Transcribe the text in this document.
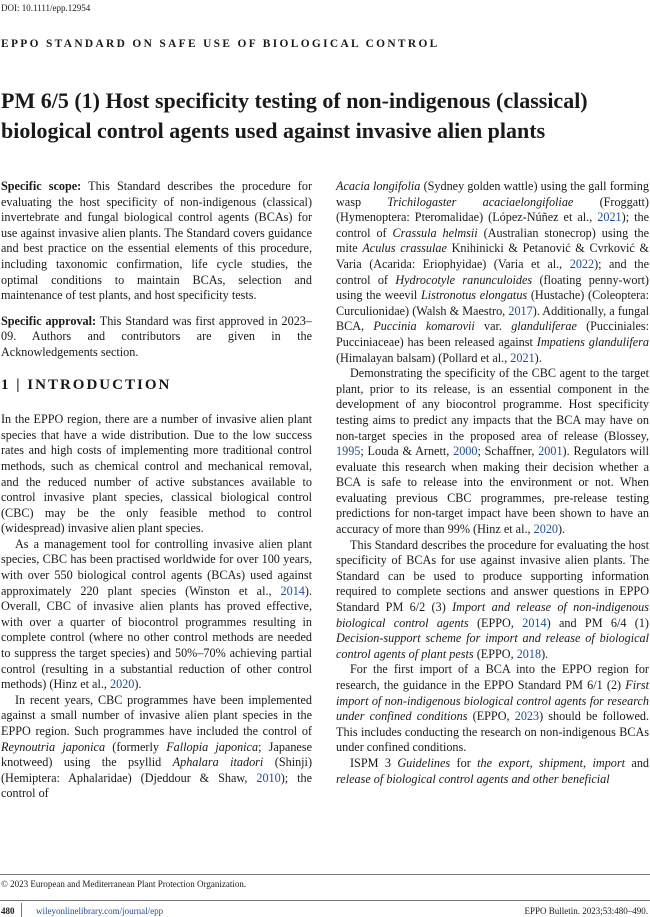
DOI: 10.1111/epp.12954
EPPO STANDARD ON SAFE USE OF BIOLOGICAL CONTROL
PM 6/5 (1) Host specificity testing of non-indigenous (classical) biological control agents used against invasive alien plants

Specific scope: This Standard describes the procedure for evaluating the host specificity of non-indigenous (classical) invertebrate and fungal biological control agents (BCAs) for use against invasive alien plants. The Standard covers guidance and best practice on the essential elements of this procedure, including taxonomic confirmation, life cycle studies, the optimal conditions to maintain BCAs, selection and maintenance of test plants, and host specificity tests.

Specific approval: This Standard was first approved in 2023–09. Authors and contributors are given in the Acknowledgements section.

1 | INTRODUCTION

In the EPPO region, there are a number of invasive alien plant species that have a wide distribution. Due to the low success rates and high costs of implementing more traditional control methods, such as chemical control and mechanical removal, and the reduced number of active substances available to control invasive plant species, classical biological control (CBC) may be the only feasible method to control (widespread) invasive alien plant species.

As a management tool for controlling invasive alien plant species, CBC has been practised worldwide for over 100 years, with over 550 biological control agents (BCAs) used against approximately 220 plant species (Winston et al., 2014). Overall, CBC of invasive alien plants has proved effective, with over a quarter of biocontrol programmes resulting in complete control (where no other control methods are needed to suppress the target species) and 50%–70% achieving partial control (resulting in a substantial reduction of other control methods) (Hinz et al., 2020).

In recent years, CBC programmes have been implemented against a small number of invasive alien plant species in the EPPO region. Such programmes have included the control of Reynoutria japonica (formerly Fallopia japonica; Japanese knotweed) using the psyllid Aphalara itadori (Shinji) (Hemiptera: Aphalaridae) (Djeddour & Shaw, 2010); the control of

Acacia longifolia (Sydney golden wattle) using the gall forming wasp Trichilogaster acaciaelongifoliae (Froggatt) (Hymenoptera: Pteromalidae) (López-Núñez et al., 2021); the control of Crassula helmsii (Australian stonecrop) using the mite Aculus crassulae Knihinicki & Petanović & Cvrković & Varia (Acarida: Eriophyidae) (Varia et al., 2022); and the control of Hydrocotyle ranunculoides (floating penny-wort) using the weevil Listronotus elongatus (Hustache) (Coleoptera: Curculionidae) (Walsh & Maestro, 2017). Additionally, a fungal BCA, Puccinia komarovii var. glanduliferae (Pucciniales: Pucciniaceae) has been released against Impatiens glandulifera (Himalayan balsam) (Pollard et al., 2021).

Demonstrating the specificity of the CBC agent to the target plant, prior to its release, is an essential component in the development of any biocontrol programme. Host specificity testing aims to predict any impacts that the BCA may have on non-target species in the proposed area of release (Blossey, 1995; Louda & Arnett, 2000; Schaffner, 2001). Regulators will evaluate this research when making their decision whether a BCA is safe to release into the environment or not. When evaluating previous CBC programmes, pre-release testing predictions for non-target impact have been shown to have an accuracy of more than 99% (Hinz et al., 2020).

This Standard describes the procedure for evaluating the host specificity of BCAs for use against invasive alien plants. The Standard can be used to produce supporting information required to complete sections and answer questions in EPPO Standard PM 6/2 (3) Import and release of non-indigenous biological control agents (EPPO, 2014) and PM 6/4 (1) Decision-support scheme for import and release of biological control agents of plant pests (EPPO, 2018).

For the first import of a BCA into the EPPO region for research, the guidance in the EPPO Standard PM 6/1 (2) First import of non-indigenous biological control agents for research under confined conditions (EPPO, 2023) should be followed. This includes conducting the research on non-indigenous BCAs under confined conditions.

ISPM 3 Guidelines for the export, shipment, import and release of biological control agents and other beneficial

© 2023 European and Mediterranean Plant Protection Organization.
480 wileyonlinelibrary.com/journal/epp	EPPO Bulletin. 2023;53:480–490.
